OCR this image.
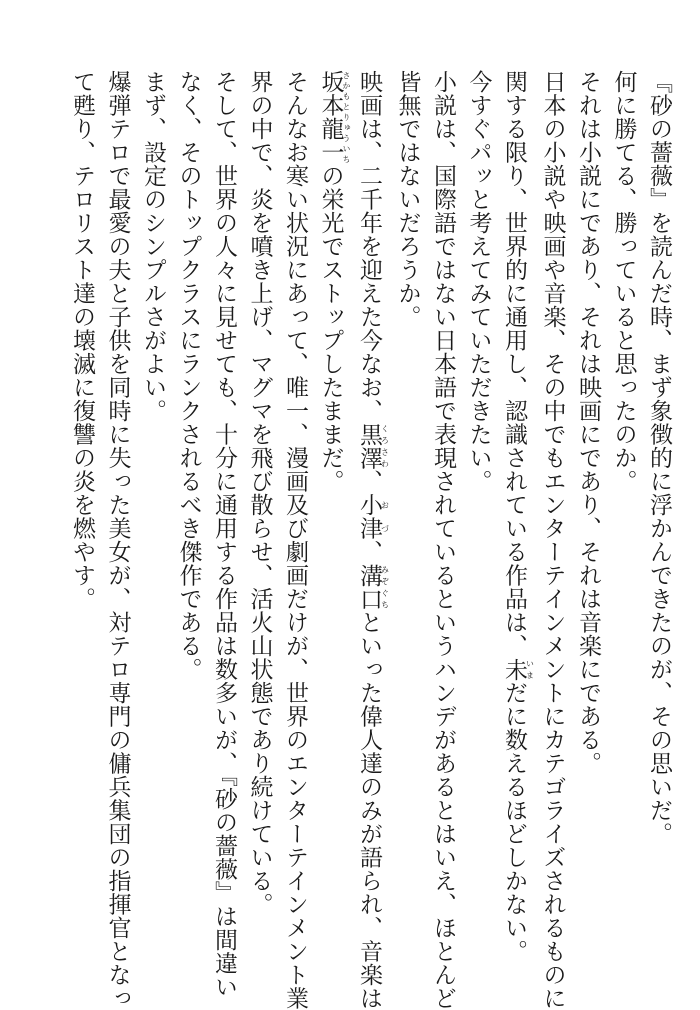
『砂の薔薇』を読んだ時、まず象徴的に浮かんできたのが、その思いだ。
何に勝てる、勝っていると思ったのか。
それは小説にであり、それは映画にであり、それは音楽にである。
日本の小説や映画や音楽、その中でもエンターテインメントにカテゴライズされるものに
関する限り、世界的に通用し、認識されている作品は、未いまだに数えるほどしかない。
今すぐパッと考えてみていただきたい。
小説は、国際語ではない日本語で表現されているというハンデがあるとはいえ、ほとんど
皆無ではないだろうか。
映画は、二千年を迎えた今なお、黒澤くろさわ、小津おづ、溝口みぞぐちといった偉人達のみが語られ、音楽は
坂本龍一さかもとりゅういちの栄光でストップしたままだ。
そんなお寒い状況にあって、唯一、漫画及び劇画だけが、世界のエンターテインメント業
界の中で、炎を噴き上げ、マグマを飛び散らせ、活火山状態であり続けている。
そして、世界の人々に見せても、十分に通用する作品は数多いが、『砂の薔薇』は間違い
なく、そのトップクラスにランクされるべき傑作である。
まず、設定のシンプルさがよい。
爆弾テロで最愛の夫と子供を同時に失った美女が、対テロ専門の傭兵集団の指揮官となっ
て甦り、テロリスト達の壊滅に復讐の炎を燃やす。
